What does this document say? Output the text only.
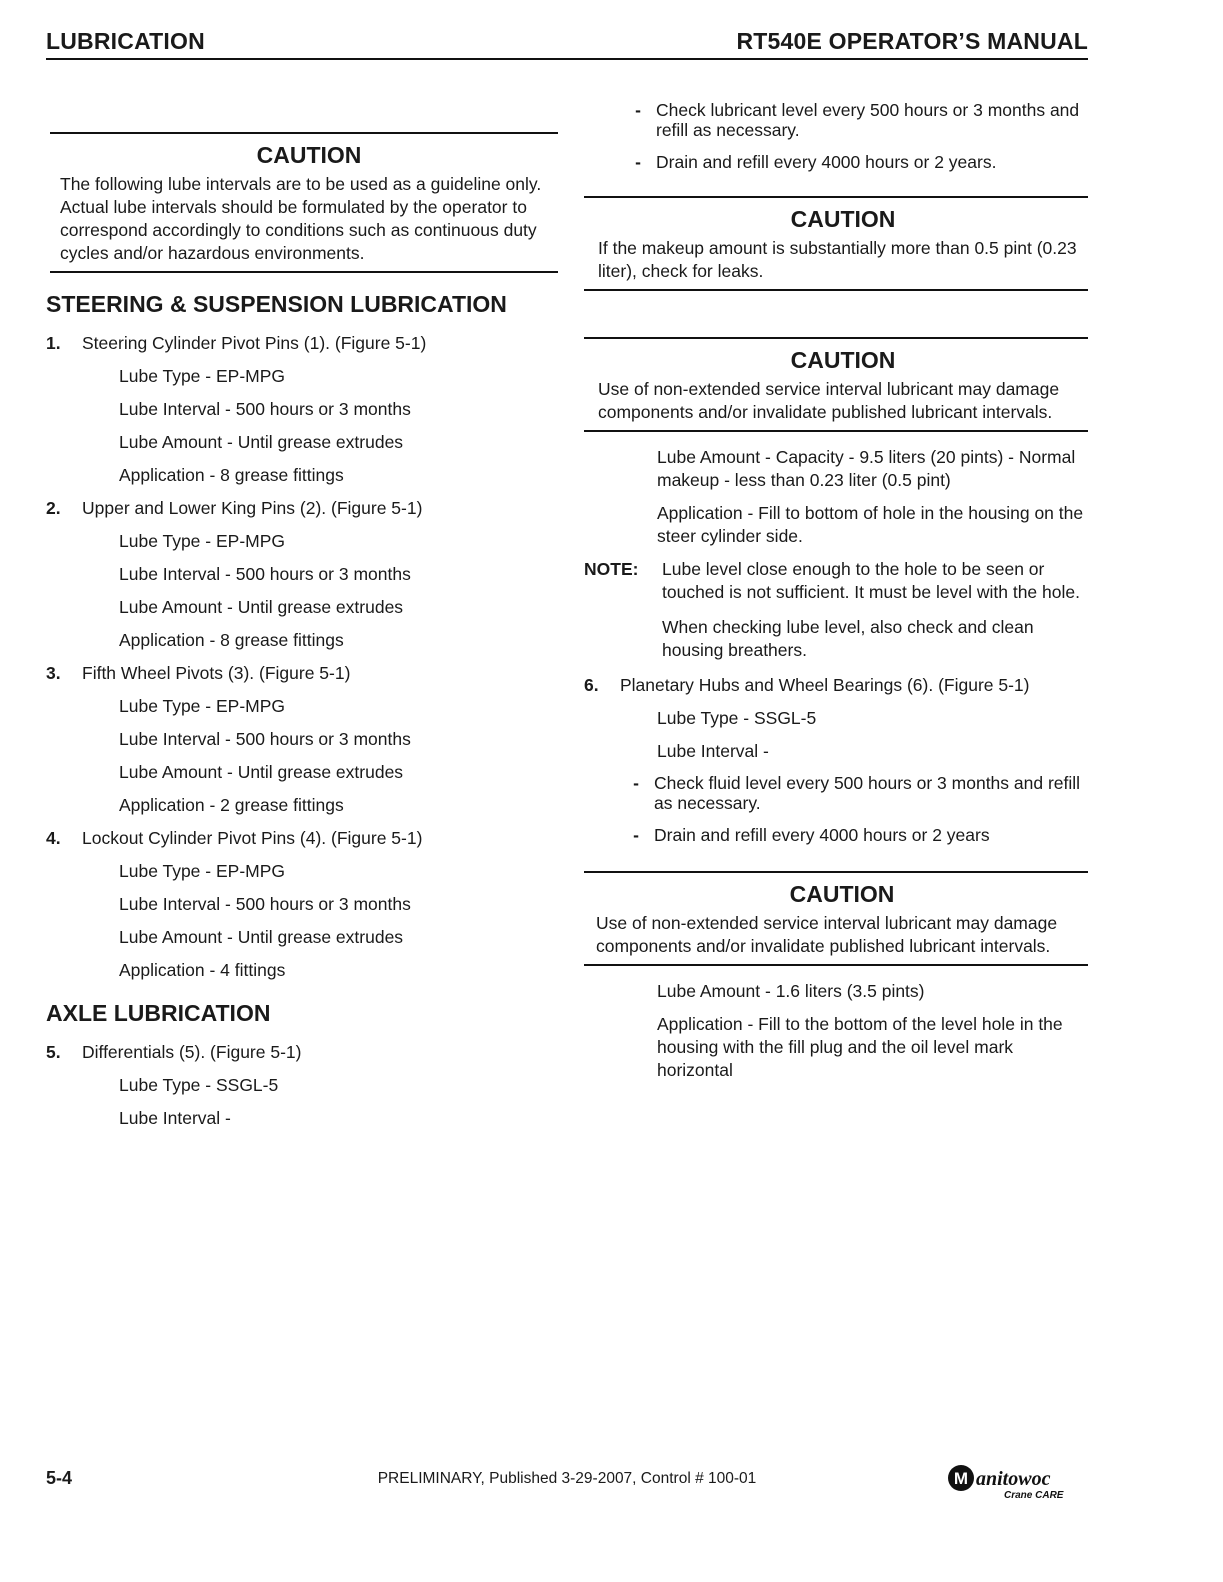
LUBRICATION	RT540E OPERATOR’S MANUAL
CAUTION
The following lube intervals are to be used as a guideline only. Actual lube intervals should be formulated by the operator to correspond accordingly to conditions such as continuous duty cycles and/or hazardous environments.
STEERING & SUSPENSION LUBRICATION
1.	Steering Cylinder Pivot Pins (1). (Figure 5-1)
Lube Type - EP-MPG
Lube Interval - 500 hours or 3 months
Lube Amount - Until grease extrudes
Application - 8 grease fittings
2.	Upper and Lower King Pins (2). (Figure 5-1)
Lube Type - EP-MPG
Lube Interval - 500 hours or 3 months
Lube Amount - Until grease extrudes
Application - 8 grease fittings
3.	Fifth Wheel Pivots (3). (Figure 5-1)
Lube Type - EP-MPG
Lube Interval - 500 hours or 3 months
Lube Amount - Until grease extrudes
Application - 2 grease fittings
4.	Lockout Cylinder Pivot Pins (4). (Figure 5-1)
Lube Type - EP-MPG
Lube Interval - 500 hours or 3 months
Lube Amount - Until grease extrudes
Application - 4 fittings
AXLE LUBRICATION
5.	Differentials (5). (Figure 5-1)
Lube Type - SSGL-5
Lube Interval -
- Check lubricant level every 500 hours or 3 months and refill as necessary.
- Drain and refill every 4000 hours or 2 years.
CAUTION
If the makeup amount is substantially more than 0.5 pint (0.23 liter), check for leaks.
CAUTION
Use of non-extended service interval lubricant may damage components and/or invalidate published lubricant intervals.
Lube Amount - Capacity - 9.5 liters (20 pints) - Normal makeup - less than 0.23 liter (0.5 pint)
Application - Fill to bottom of hole in the housing on the steer cylinder side.
NOTE:	Lube level close enough to the hole to be seen or touched is not sufficient. It must be level with the hole.
When checking lube level, also check and clean housing breathers.
6.	Planetary Hubs and Wheel Bearings (6). (Figure 5-1)
Lube Type - SSGL-5
Lube Interval -
- Check fluid level every 500 hours or 3 months and refill as necessary.
- Drain and refill every 4000 hours or 2 years
CAUTION
Use of non-extended service interval lubricant may damage components and/or invalidate published lubricant intervals.
Lube Amount - 1.6 liters (3.5 pints)
Application - Fill to the bottom of the level hole in the housing with the fill plug and the oil level mark horizontal
5-4	PRELIMINARY, Published 3-29-2007, Control # 100-01	M anitowoc
Crane CARE
